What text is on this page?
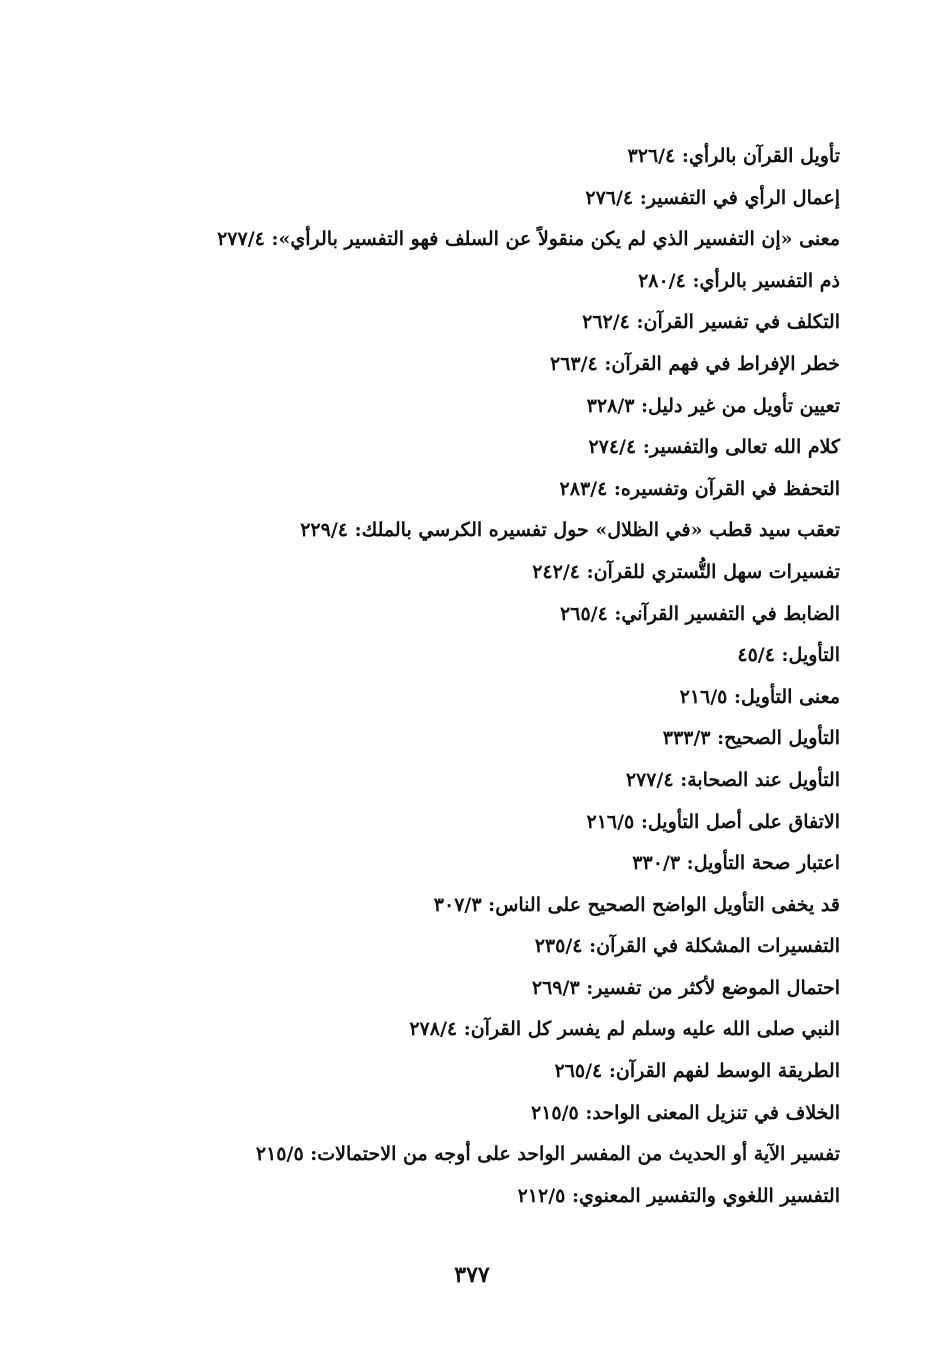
تأويل القرآن بالرأي: ٣٢٦/٤
إعمال الرأي في التفسير: ٢٧٦/٤
معنى «إن التفسير الذي لم يكن منقولاً عن السلف فهو التفسير بالرأي»: ٢٧٧/٤
ذم التفسير بالرأي: ٢٨٠/٤
التكلف في تفسير القرآن: ٢٦٢/٤
خطر الإفراط في فهم القرآن: ٢٦٣/٤
تعيين تأويل من غير دليل: ٣٢٨/٣
كلام الله تعالى والتفسير: ٢٧٤/٤
التحفظ في القرآن وتفسيره: ٢٨٣/٤
تعقب سيد قطب «في الظلال» حول تفسيره الكرسي بالملك: ٢٢٩/٤
تفسيرات سهل التُّستري للقرآن: ٢٤٢/٤
الضابط في التفسير القرآني: ٢٦٥/٤
التأويل: ٤٥/٤
معنى التأويل: ٢١٦/٥
التأويل الصحيح: ٣٣٣/٣
التأويل عند الصحابة: ٢٧٧/٤
الاتفاق على أصل التأويل: ٢١٦/٥
اعتبار صحة التأويل: ٣٣٠/٣
قد يخفى التأويل الواضح الصحيح على الناس: ٣٠٧/٣
التفسيرات المشكلة في القرآن: ٢٣٥/٤
احتمال الموضع لأكثر من تفسير: ٢٦٩/٣
النبي صلى الله عليه وسلم لم يفسر كل القرآن: ٢٧٨/٤
الطريقة الوسط لفهم القرآن: ٢٦٥/٤
الخلاف في تنزيل المعنى الواحد: ٢١٥/٥
تفسير الآية أو الحديث من المفسر الواحد على أوجه من الاحتمالات: ٢١٥/٥
التفسير اللغوي والتفسير المعنوي: ٢١٢/٥
٣٧٧
